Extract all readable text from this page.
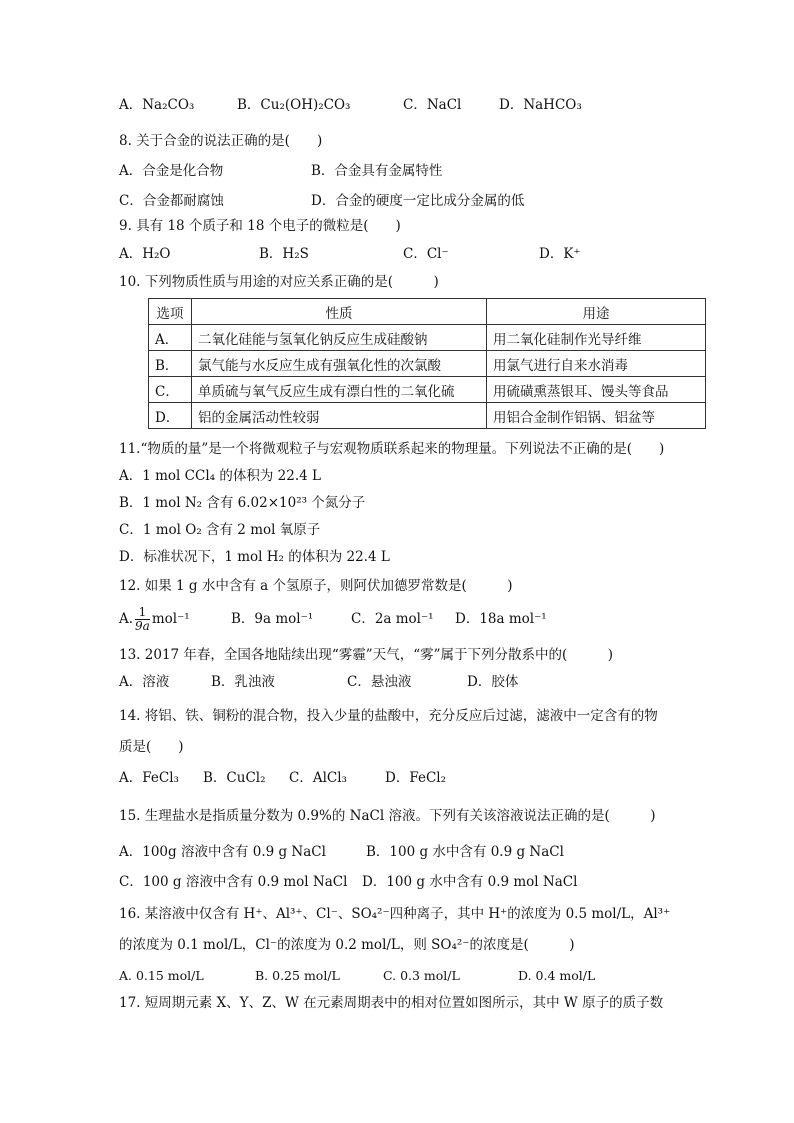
A．Na₂CO₃	B．Cu₂(OH)₂CO₃	C．NaCl	D．NaHCO₃
8. 关于合金的说法正确的是(　　)
A．合金是化合物	B．合金具有金属特性
C．合金都耐腐蚀	D．合金的硬度一定比成分金属的低
9. 具有 18 个质子和 18 个电子的微粒是(　　)
A．H₂O	B．H₂S	C．Cl⁻	D．K⁺
10. 下列物质性质与用途的对应关系正确的是(　　　)
选项	性质	用途
A．	二氧化硅能与氢氧化钠反应生成硅酸钠	用二氧化硅制作光导纤维
B．	氯气能与水反应生成有强氧化性的次氯酸	用氯气进行自来水消毒
C．	单质硫与氧气反应生成有漂白性的二氧化硫	用硫磺熏蒸银耳、馒头等食品
D．	铝的金属活动性较弱	用铝合金制作铝锅、铝盆等
11.“物质的量”是一个将微观粒子与宏观物质联系起来的物理量。下列说法不正确的是(　　)
A．1 mol CCl₄ 的体积为 22.4 L
B．1 mol N₂ 含有 6.02×10²³ 个氮分子
C．1 mol O₂ 含有 2 mol 氧原子
D．标准状况下，1 mol H₂ 的体积为 22.4 L
12. 如果 1 g 水中含有 a 个氢原子，则阿伏加德罗常数是(　　　)
A. $\frac{1}{9a} mol^{-1}$	B．9a mol⁻¹	C．2a mol⁻¹ D．18a mol⁻¹
13. 2017 年春，全国各地陆续出现“雾霾”天气，“雾”属于下列分散系中的(　　　)
A．溶液	B．乳浊液	C．悬浊液	D．胶体
14. 将铝、铁、铜粉的混合物，投入少量的盐酸中，充分反应后过滤，滤液中一定含有的物
质是(　　)
A．FeCl₃ B．CuCl₂ C．AlCl₃	D．FeCl₂
15. 生理盐水是指质量分数为 0.9%的 NaCl 溶液。下列有关该溶液说法正确的是(　　　)
A．100g 溶液中含有 0.9 g NaCl	B．100 g 水中含有 0.9 g NaCl
C．100 g 溶液中含有 0.9 mol NaCl D．100 g 水中含有 0.9 mol NaCl
16. 某溶液中仅含有 H⁺、Al³⁺、Cl⁻、SO₄²⁻四种离子，其中 H⁺的浓度为 0.5 mol/L，Al³⁺
的浓度为 0.1 mol/L，Cl⁻的浓度为 0.2 mol/L，则 SO₄²⁻的浓度是(　　　)
A. 0.15 mol/L	B. 0.25 mol/L	C. 0.3 mol/L	D. 0.4 mol/L
17. 短周期元素 X、Y、Z、W 在元素周期表中的相对位置如图所示，其中 W 原子的质子数
